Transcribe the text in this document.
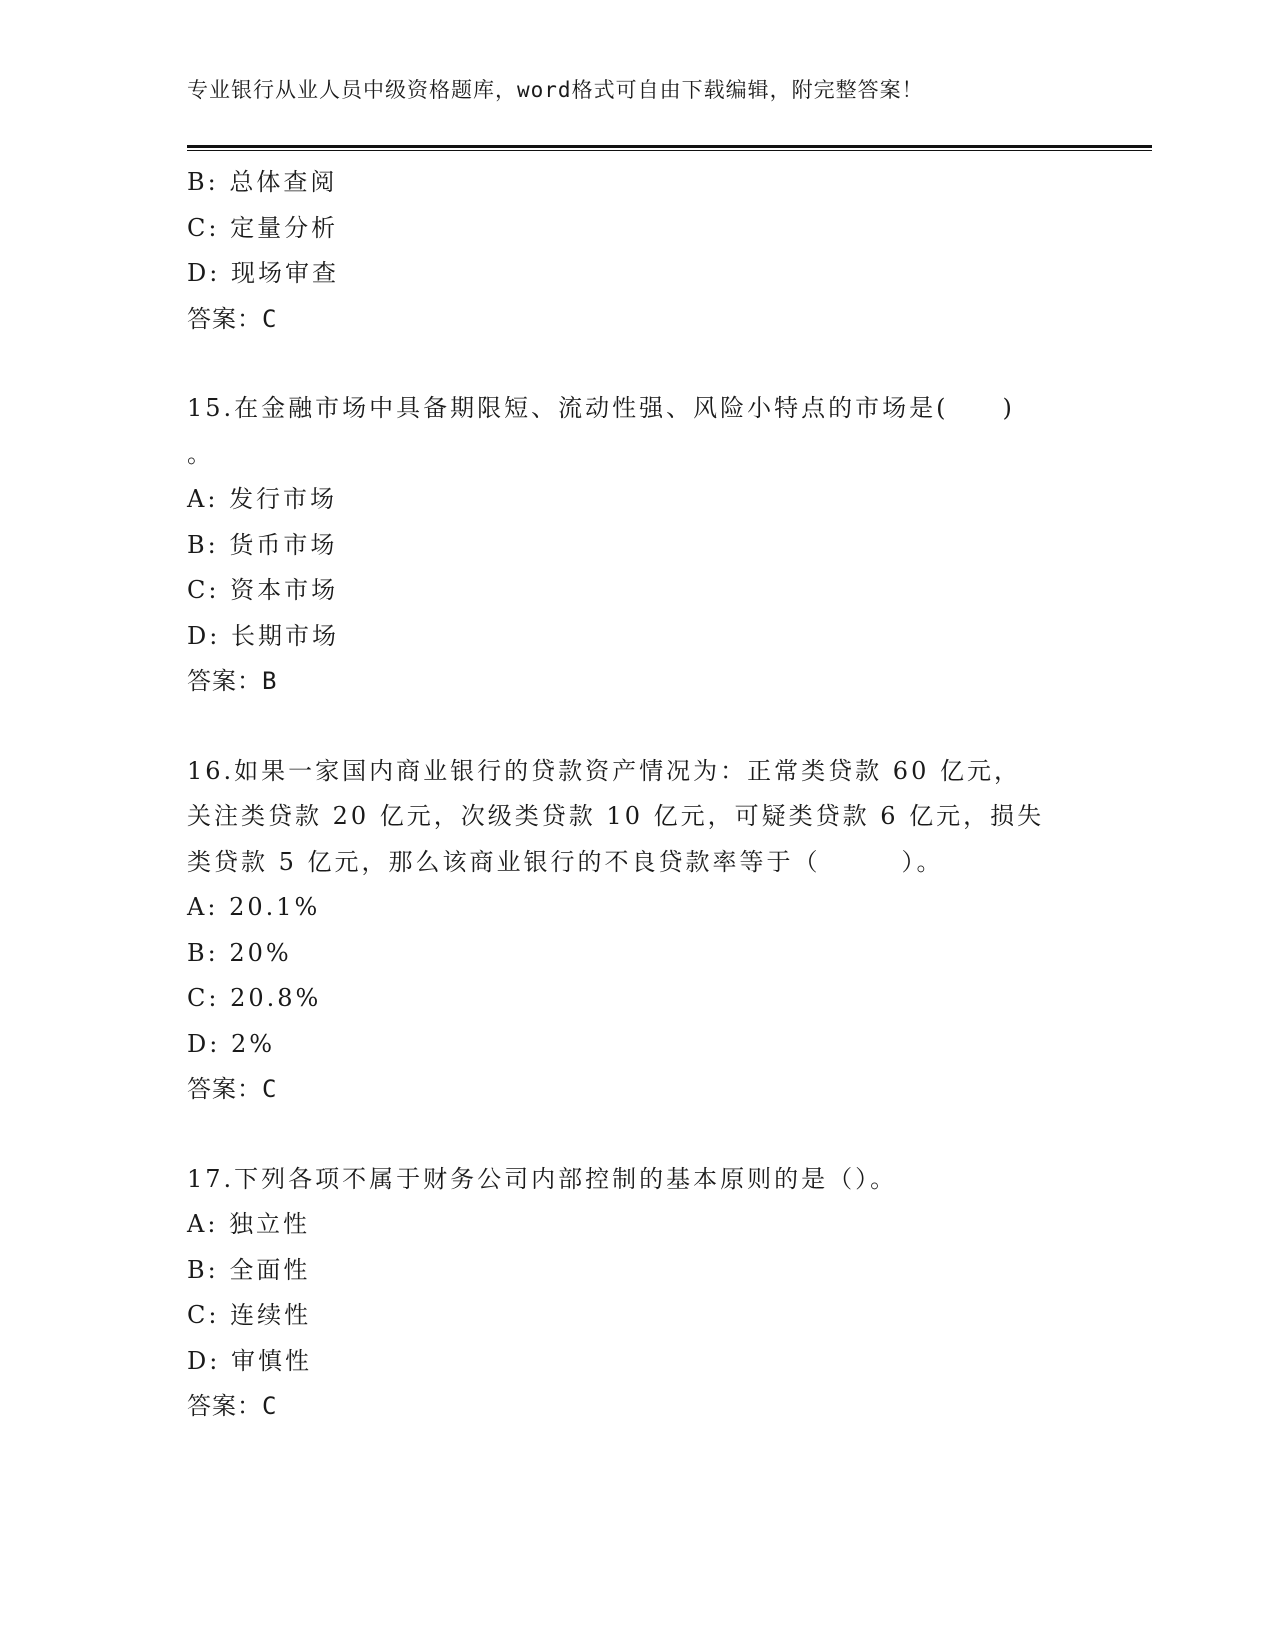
专业银行从业人员中级资格题库，word格式可自由下载编辑，附完整答案！
B: 总体查阅
C: 定量分析
D: 现场审查
答案：C
15.在金融市场中具备期限短、流动性强、风险小特点的市场是(　　)
。
A: 发行市场
B: 货币市场
C: 资本市场
D: 长期市场
答案：B
16.如果一家国内商业银行的贷款资产情况为：正常类贷款 60 亿元，
关注类贷款 20 亿元，次级类贷款 10 亿元，可疑类贷款 6 亿元，损失
类贷款 5 亿元，那么该商业银行的不良贷款率等于（　　　）。
A: 20.1%
B: 20%
C: 20.8%
D: 2%
答案：C
17.下列各项不属于财务公司内部控制的基本原则的是（）。
A: 独立性
B: 全面性
C: 连续性
D: 审慎性
答案：C
